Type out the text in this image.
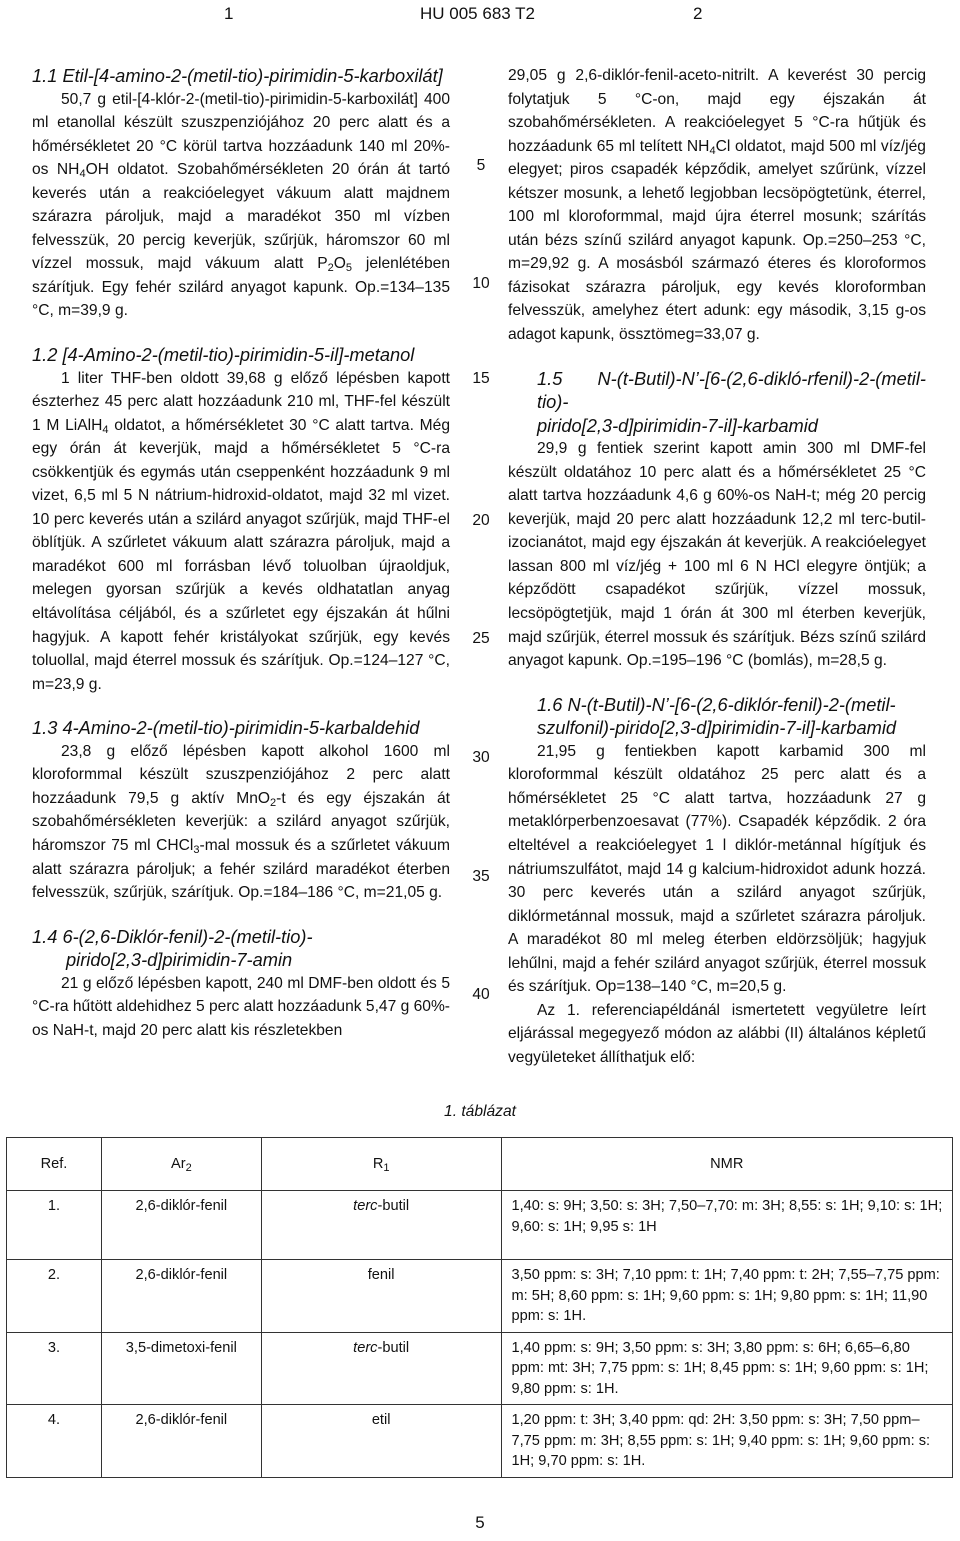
1	HU 005 683 T2	2
1.1 Etil-[4-amino-2-(metil-tio)-pirimidin-5-karboxilát]

50,7 g etil-[4-klór-2-(metil-tio)-pirimidin-5-karboxilát] 400 ml etanollal készült szuszpenziójához 20 perc alatt és a hőmérsékletet 20 °C körül tartva hozzáadunk 140 ml 20%-os $NH_4OH$ oldatot. Szobahőmérsékleten 20 órán át tartó keverés után a reakcióelegyet vákuum alatt majdnem szárazra pároljuk, majd a maradékot 350 ml vízben felvesszük, 20 percig keverjük, szűrjük, háromszor 60 ml vízzel mossuk, majd vákuum alatt $P_2O_5$ jelenlétében szárítjuk. Egy fehér szilárd anyagot kapunk. Op.=134–135 °C, m=39,9 g.

1.2 [4-Amino-2-(metil-tio)-pirimidin-5-il]-metanol

1 liter THF-ben oldott 39,68 g előző lépésben kapott észterhez 45 perc alatt hozzáadunk 210 ml, THF-fel készült 1 M LiAlH$_4$ oldatot, a hőmérsékletet 30 °C alatt tartva. Még egy órán át keverjük, majd a hőmérsékletet 5 °C-ra csökkentjük és egymás után cseppenként hozzáadunk 9 ml vizet, 6,5 ml 5 N nátrium-hidroxid-oldatot, majd 32 ml vizet. 10 perc keverés után a szilárd anyagot szűrjük, majd THF-el öblítjük. A szűrletet vákuum alatt szárazra pároljuk, majd a maradékot 600 ml forrásban lévő toluolban újraoldjuk, melegen gyorsan szűrjük a kevés oldhatatlan anyag eltávolítása céljából, és a szűrletet egy éjszakán át hűlni hagyjuk. A kapott fehér kristályokat szűrjük, egy kevés toluollal, majd éterrel mossuk és szárítjuk. Op.=124–127 °C, m=23,9 g.

1.3 4-Amino-2-(metil-tio)-pirimidin-5-karbaldehid

23,8 g előző lépésben kapott alkohol 1600 ml kloroformmal készült szuszpenziójához 2 perc alatt hozzáadunk 79,5 g aktív MnO$_2$-t és egy éjszakán át szobahőmérsékleten keverjük: a szilárd anyagot szűrjük, háromszor 75 ml CHCl$_3$-mal mossuk és a szűrletet vákuum alatt szárazra pároljuk; a fehér szilárd maradékot éterben felvesszük, szűrjük, szárítjuk. Op.=184–186 °C, m=21,05 g.

1.4 6-(2,6-Diklór-fenil)-2-(metil-tio)-
pirido[2,3-d]pirimidin-7-amin

21 g előző lépésben kapott, 240 ml DMF-ben oldott és 5 °C-ra hűtött aldehidhez 5 perc alatt hozzáadunk 5,47 g 60%-os NaH-t, majd 20 perc alatt kis részletekben

29,05 g 2,6-diklór-fenil-aceto-nitrilt. A keverést 30 percig folytatjuk 5 °C-on, majd egy éjszakán át szobahőmérsékleten. A reakcióelegyet 5 °C-ra hűtjük és hozzáadunk 65 ml telített $NH_4Cl$ oldatot, majd 500 ml víz/jég elegyet; piros csapadék képződik, amelyet szűrünk, vízzel kétszer mosunk, a lehető legjobban lecsöpögtetünk, éterrel, 100 ml kloroformmal, majd újra éterrel mosunk; szárítás után bézs színű szilárd anyagot kapunk. Op.=250–253 °C, m=29,92 g. A mosásból származó éteres és kloroformos fázisokat szárazra pároljuk, egy kevés kloroformban felvesszük, amelyhez étert adunk: egy második, 3,15 g-os adagot kapunk, össztömeg=33,07 g.

1.5 N-(t-Butil)-N’-[6-(2,6-dikló-rfenil)-2-(metil-tio)-
pirido[2,3-d]pirimidin-7-il]-karbamid

29,9 g fentiek szerint kapott amin 300 ml DMF-fel készült oldatához 10 perc alatt és a hőmérsékletet 25 °C alatt tartva hozzáadunk 4,6 g 60%-os NaH-t; még 20 percig keverjük, majd 20 perc alatt hozzáadunk 12,2 ml terc-butil-izocianátot, majd egy éjszakán át keverjük. A reakcióelegyet lassan 800 ml víz/jég + 100 ml 6 N HCl elegyre öntjük; a képződött csapadékot szűrjük, vízzel mossuk, lecsöpögtetjük, majd 1 órán át 300 ml éterben keverjük, majd szűrjük, éterrel mossuk és szárítjuk. Bézs színű szilárd anyagot kapunk. Op.=195–196 °C (bomlás), m=28,5 g.

1.6 N-(t-Butil)-N’-[6-(2,6-diklór-fenil)-2-(metil-
szulfonil)-pirido[2,3-d]pirimidin-7-il]-karbamid

21,95 g fentiekben kapott karbamid 300 ml kloroformmal készült oldatához 25 perc alatt és a hőmérsékletet 25 °C alatt tartva, hozzáadunk 27 g metaklórperbenzoesavat (77%). Csapadék képződik. 2 óra elteltével a reakcióelegyet 1 l diklór-metánnal hígítjuk és nátriumszulfátot, majd 14 g kalcium-hidroxidot adunk hozzá. 30 perc keverés után a szilárd anyagot szűrjük, diklórmetánnal mossuk, majd a szűrletet szárazra pároljuk. A maradékot 80 ml meleg éterben eldörzsöljük; hagyjuk lehűlni, majd a fehér szilárd anyagot szűrjük, éterrel mossuk és szárítjuk. Op=138–140 °C, m=20,5 g.

Az 1. referenciapéldánál ismertetett vegyületre leírt eljárással megegyező módon az alábbi (II) általános képletű vegyületeket állíthatjuk elő:

5
10
15
20
25
30
35
40
1. táblázat
Ref.	$Ar_2$	$R_1$	NMR
1.	2,6-diklór-fenil	terc-butil	1,40: s: 9H; 3,50: s: 3H; 7,50–7,70: m: 3H; 8,55: s: 1H; 9,10: s: 1H; 9,60: s: 1H; 9,95 s: 1H
2.	2,6-diklór-fenil	fenil	3,50 ppm: s: 3H; 7,10 ppm: t: 1H; 7,40 ppm: t: 2H; 7,55–7,75 ppm: m: 5H; 8,60 ppm: s: 1H; 9,60 ppm: s: 1H; 9,80 ppm: s: 1H; 11,90 ppm: s: 1H.
3.	3,5-dimetoxi-fenil	terc-butil	1,40 ppm: s: 9H; 3,50 ppm: s: 3H; 3,80 ppm: s: 6H; 6,65–6,80 ppm: mt: 3H; 7,75 ppm: s: 1H; 8,45 ppm: s: 1H; 9,60 ppm: s: 1H; 9,80 ppm: s: 1H.
4.	2,6-diklór-fenil	etil	1,20 ppm: t: 3H; 3,40 ppm: qd: 2H: 3,50 ppm: s: 3H; 7,50 ppm–7,75 ppm: m: 3H; 8,55 ppm: s: 1H; 9,40 ppm: s: 1H; 9,60 ppm: s: 1H; 9,70 ppm: s: 1H.
5
